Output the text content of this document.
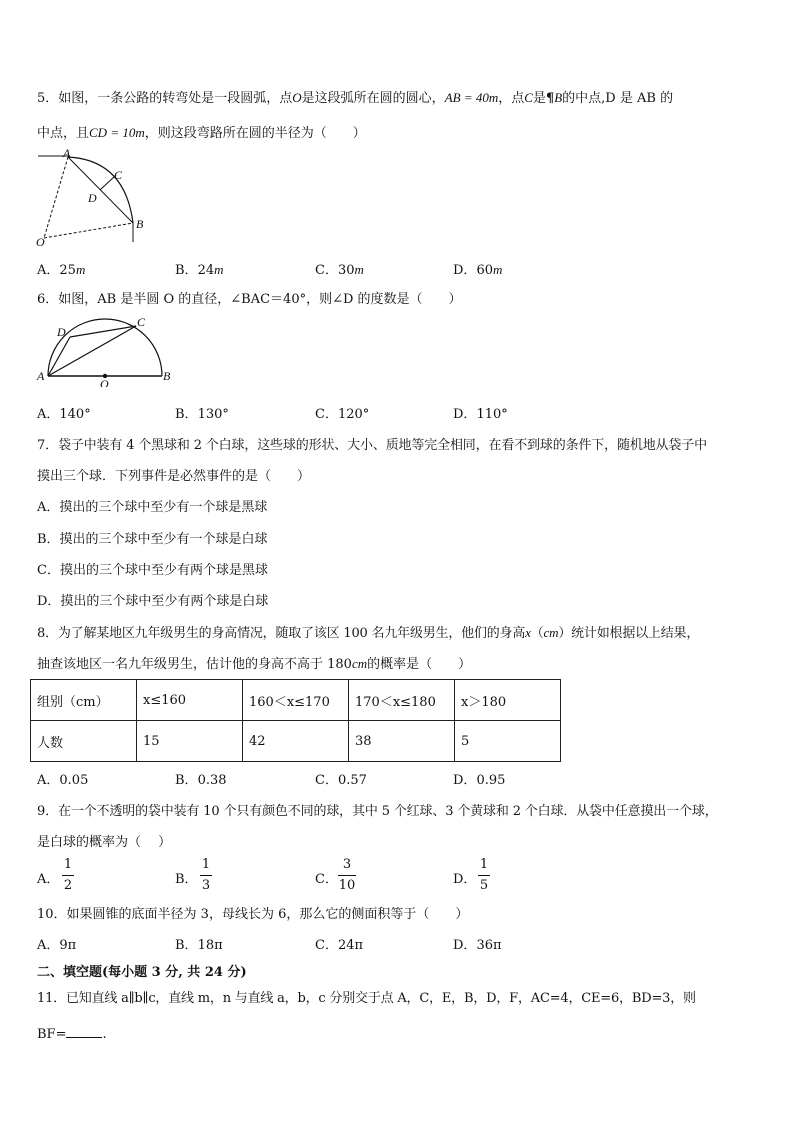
5．如图，一条公路的转弯处是一段圆弧，点O是这段弧所在圆的圆心，AB = 40m，点C是¶B的中点,D 是 AB 的
中点，且CD = 10m，则这段弯路所在圆的半径为（　　）
A
C
D
B
O
A．25m	B．24m	C．30m	D．60m
6．如图，AB 是半圆 O 的直径，∠BAC＝40°，则∠D 的度数是（　　）
D
C
A
O
B
A．140°	B．130°	C．120°	D．110°
7．袋子中装有 4 个黑球和 2 个白球，这些球的形状、大小、质地等完全相同，在看不到球的条件下，随机地从袋子中
摸出三个球．下列事件是必然事件的是（　　）
A．摸出的三个球中至少有一个球是黑球
B．摸出的三个球中至少有一个球是白球
C．摸出的三个球中至少有两个球是黑球
D．摸出的三个球中至少有两个球是白球
8．为了解某地区九年级男生的身高情况，随取了该区 100 名九年级男生，他们的身高x（cm）统计如根据以上结果，
抽查该地区一名九年级男生，估计他的身高不高于 180cm的概率是（　　）
组别（cm）	x≤160	160＜x≤170	170＜x≤180	x＞180
人数	15	42	38	5
A．0.05	B．0.38	C．0.57	D．0.95
9．在一个不透明的袋中装有 10 个只有颜色不同的球，其中 5 个红球、3 个黄球和 2 个白球．从袋中任意摸出一个球，
是白球的概率为（　 ）
A．
1
2	B．
1
3	C．
3
10	D．
1
5
10．如果圆锥的底面半径为 3，母线长为 6，那么它的侧面积等于（　　）
A．9π	B．18π	C．24π	D．36π
二、填空题(每小题 3 分, 共 24 分)
11．已知直线 a∥b∥c，直线 m，n 与直线 a，b，c 分别交于点 A，C，E，B，D，F，AC=4，CE=6，BD=3，则
BF=	.
